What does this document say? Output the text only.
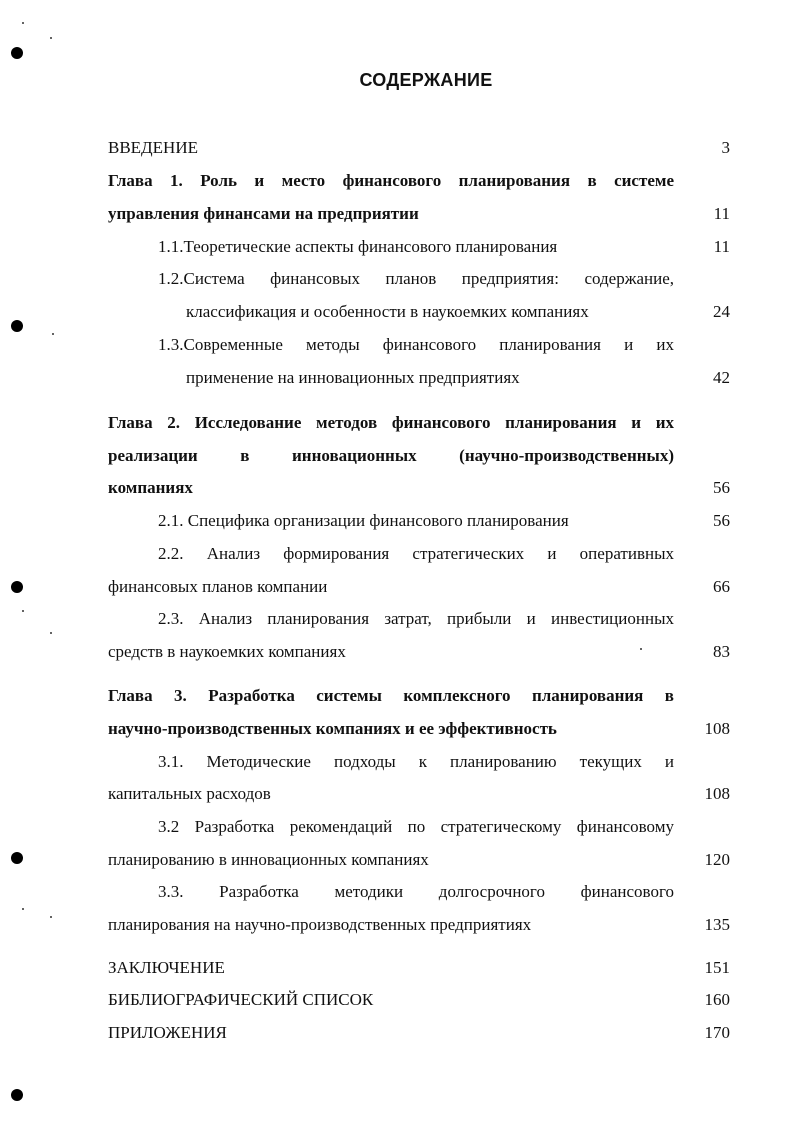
СОДЕРЖАНИЕ
ВВЕДЕНИЕ	3
Глава 1. Роль и место финансового планирования в системе
управления финансами на предприятии	11
1.1.Теоретические аспекты финансового планирования	11
1.2.Система финансовых планов предприятия: содержание,
классификация и особенности в наукоемких компаниях	24
1.3.Современные методы финансового планирования и их
применение на инновационных предприятиях	42
Глава 2. Исследование методов финансового планирования и их
реализации в инновационных (научно-производственных)
компаниях	56
2.1. Специфика организации финансового планирования	56
2.2. Анализ формирования стратегических и оперативных
финансовых планов компании	66
2.3. Анализ планирования затрат, прибыли и инвестиционных
средств в наукоемких компаниях	83
Глава 3. Разработка системы комплексного планирования в
научно-производственных компаниях и ее эффективность	108
3.1. Методические подходы к планированию текущих и
капитальных расходов	108
3.2 Разработка рекомендаций по стратегическому финансовому
планированию в инновационных компаниях	120
3.3. Разработка методики долгосрочного финансового
планирования на научно-производственных предприятиях	135
ЗАКЛЮЧЕНИЕ	151
БИБЛИОГРАФИЧЕСКИЙ СПИСОК	160
ПРИЛОЖЕНИЯ	170
